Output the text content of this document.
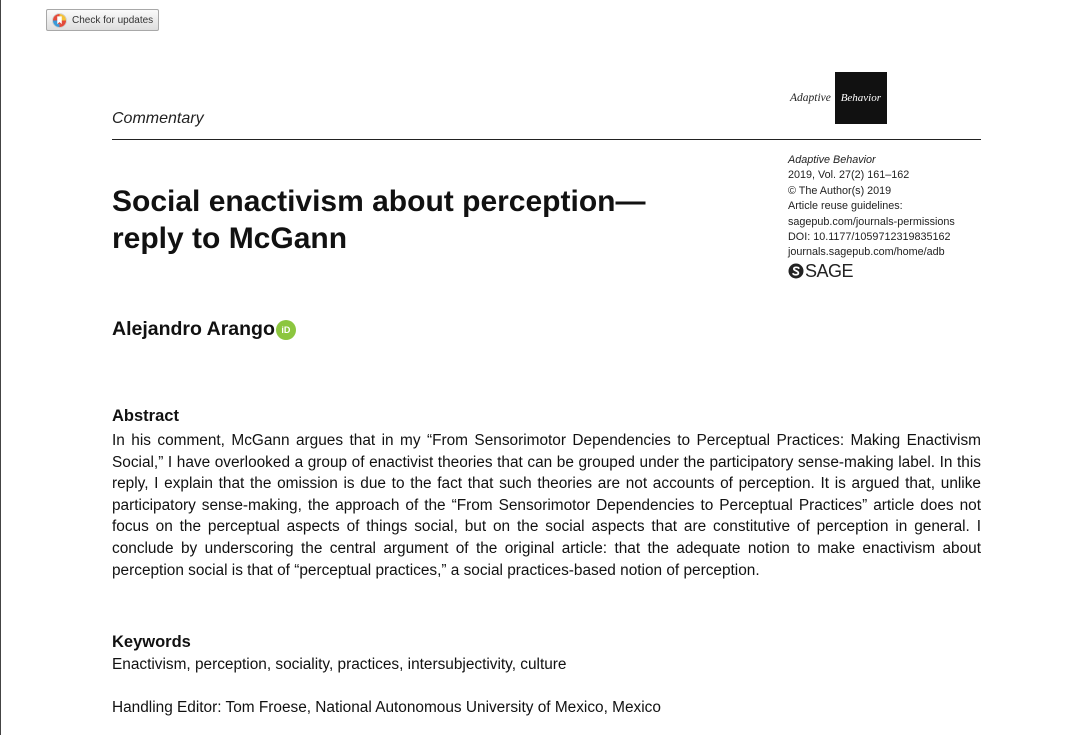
Check for updates
Adaptive Behavior
Commentary
Adaptive Behavior
2019, Vol. 27(2) 161–162
© The Author(s) 2019
Article reuse guidelines:
sagepub.com/journals-permissions
DOI: 10.1177/1059712319835162
journals.sagepub.com/home/adb
SAGE
Social enactivism about perception—reply to McGann
Alejandro Arango iD
Abstract

In his comment, McGann argues that in my “From Sensorimotor Dependencies to Perceptual Practices: Making Enactivism Social,” I have overlooked a group of enactivist theories that can be grouped under the participatory sense-making label. In this reply, I explain that the omission is due to the fact that such theories are not accounts of perception. It is argued that, unlike participatory sense-making, the approach of the “From Sensorimotor Dependencies to Perceptual Practices” article does not focus on the perceptual aspects of things social, but on the social aspects that are constitutive of perception in general. I conclude by underscoring the central argument of the original article: that the adequate notion to make enactivism about perception social is that of “perceptual practices,” a social practices-based notion of perception.

Keywords
Enactivism, perception, sociality, practices, intersubjectivity, culture
Handling Editor: Tom Froese, National Autonomous University of Mexico, Mexico
